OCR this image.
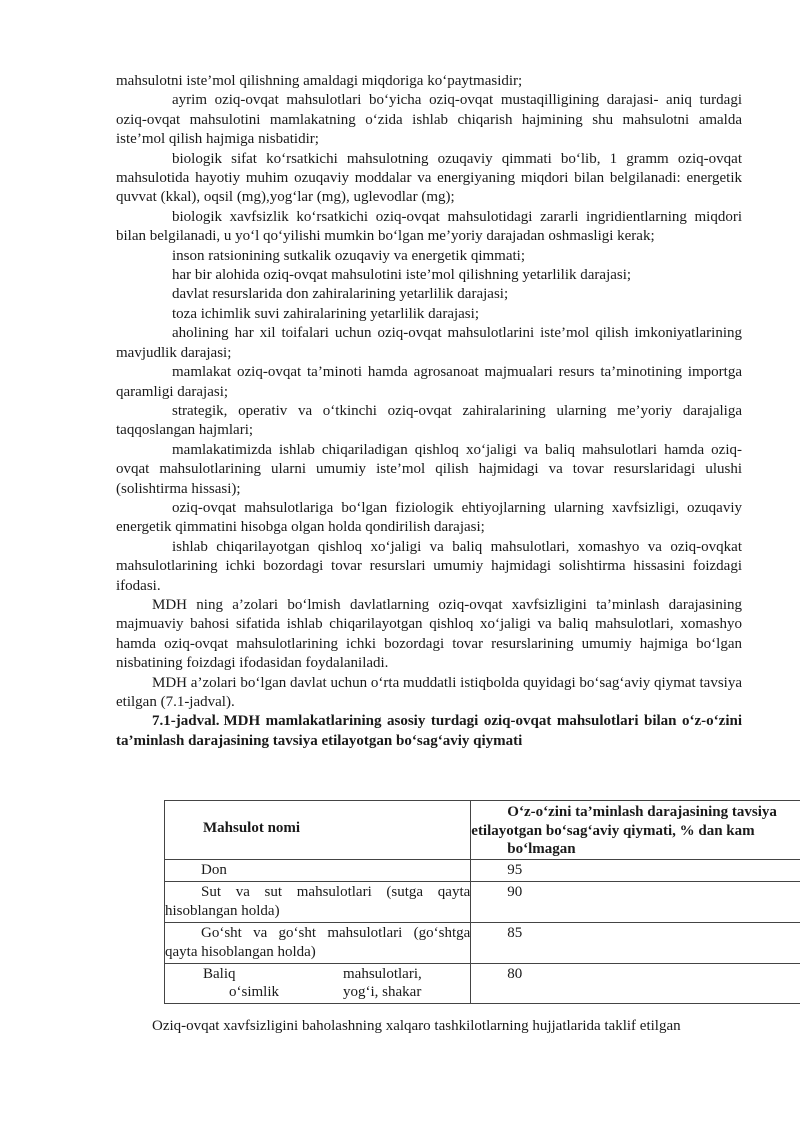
mahsulotni iste’mol qilishning amaldagi miqdoriga ko‘paytmasidir;

ayrim oziq-ovqat mahsulotlari bo‘yicha oziq-ovqat mustaqilligining darajasi- aniq turdagi oziq-ovqat mahsulotini mamlakatning o‘zida ishlab chiqarish hajmining shu mahsulotni amalda iste’mol qilish hajmiga nisbatidir;

biologik sifat ko‘rsatkichi mahsulotning ozuqaviy qimmati bo‘lib, 1 gramm oziq-ovqat mahsulotida hayotiy muhim ozuqaviy moddalar va energiyaning miqdori bilan belgilanadi: energetik quvvat (kkal), oqsil (mg),yog‘lar (mg), uglevodlar (mg);

biologik xavfsizlik ko‘rsatkichi oziq-ovqat mahsulotidagi zararli ingridientlarning miqdori bilan belgilanadi, u yo‘l qo‘yilishi mumkin bo‘lgan me’yoriy darajadan oshmasligi kerak;

inson ratsionining sutkalik ozuqaviy va energetik qimmati;

har bir alohida oziq-ovqat mahsulotini iste’mol qilishning yetarlilik darajasi;

davlat resurslarida don zahiralarining yetarlilik darajasi;

toza ichimlik suvi zahiralarining yetarlilik darajasi;

aholining har xil toifalari uchun oziq-ovqat mahsulotlarini iste’mol qilish imkoniyatlarining mavjudlik darajasi;

mamlakat oziq-ovqat ta’minoti hamda agrosanoat majmualari resurs ta’minotining importga qaramligi darajasi;

strategik, operativ va o‘tkinchi oziq-ovqat zahiralarining ularning me’yoriy darajaliga taqqoslangan hajmlari;

mamlakatimizda ishlab chiqariladigan qishloq xo‘jaligi va baliq mahsulotlari hamda oziq- ovqat mahsulotlarining ularni umumiy iste’mol qilish hajmidagi va tovar resurslaridagi ulushi (solishtirma hissasi);

oziq-ovqat mahsulotlariga bo‘lgan fiziologik ehtiyojlarning ularning xavfsizligi, ozuqaviy energetik qimmatini hisobga olgan holda qondirilish darajasi;

ishlab chiqarilayotgan qishloq xo‘jaligi va baliq mahsulotlari, xomashyo va oziq-ovqkat mahsulotlarining ichki bozordagi tovar resurslari umumiy hajmidagi solishtirma hissasini foizdagi ifodasi.

MDH ning a’zolari bo‘lmish davlatlarning oziq-ovqat xavfsizligini ta’minlash darajasining majmuaviy bahosi sifatida ishlab chiqarilayotgan qishloq xo‘jaligi va baliq mahsulotlari, xomashyo hamda oziq-ovqat mahsulotlarining ichki bozordagi tovar resurslarining umumiy hajmiga bo‘lgan nisbatining foizdagi ifodasidan foydalaniladi.

MDH a’zolari bo‘lgan davlat uchun o‘rta muddatli istiqbolda quyidagi bo‘sag‘aviy qiymat tavsiya etilgan (7.1-jadval).

7.1-jadval. MDH mamlakatlarining asosiy turdagi oziq-ovqat mahsulotlari bilan o‘z-o‘zini ta’minlash darajasining tavsiya etilayotgan bo‘sag‘aviy qiymati

Mahsulot nomi	O‘z-o‘zini ta’minlash darajasining tavsiya
etilayotgan bo‘sag‘aviy qiymati, % dan kam
bo‘lmagan

Don	95
Sut va sut mahsulotlari (sutga qayta hisoblangan holda)	90
Go‘sht va go‘sht mahsulotlari (go‘shtga qayta hisoblangan holda)	85

Baliq mahsulotlari,
o‘simlik yog‘i, shakar	80

Oziq-ovqat xavfsizligini baholashning xalqaro tashkilotlarning hujjatlarida taklif etilgan
